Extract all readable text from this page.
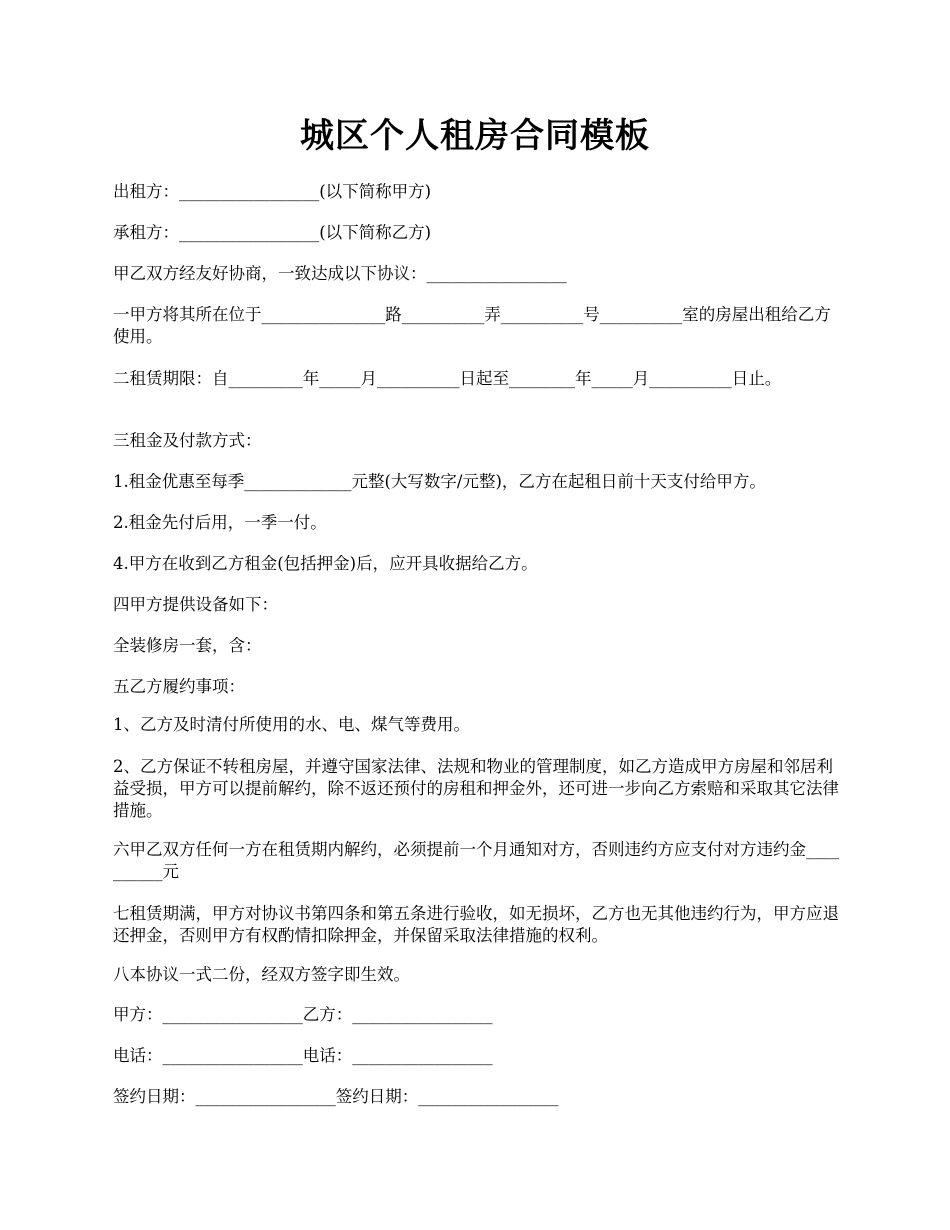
城区个人租房合同模板

出租方：_________________(以下简称甲方)

承租方：_________________(以下简称乙方)

甲乙双方经友好协商，一致达成以下协议：_________________

一甲方将其所在位于_______________路__________弄__________号__________室的房屋出租给乙方使用。

二租赁期限：自_________年_____月__________日起至________年_____月__________日止。

三租金及付款方式：

1.租金优惠至每季_____________元整(大写数字/元整)，乙方在起租日前十天支付给甲方。

2.租金先付后用，一季一付。

4.甲方在收到乙方租金(包括押金)后，应开具收据给乙方。

四甲方提供设备如下：

全装修房一套，含：

五乙方履约事项：

1、乙方及时清付所使用的水、电、煤气等费用。

2、乙方保证不转租房屋，并遵守国家法律、法规和物业的管理制度，如乙方造成甲方房屋和邻居利益受损，甲方可以提前解约，除不返还预付的房租和押金外，还可进一步向乙方索赔和采取其它法律措施。

六甲乙双方任何一方在租赁期内解约，必须提前一个月通知对方，否则违约方应支付对方违约金__________元

七租赁期满，甲方对协议书第四条和第五条进行验收，如无损坏，乙方也无其他违约行为，甲方应退还押金，否则甲方有权酌情扣除押金，并保留采取法律措施的权利。

八本协议一式二份，经双方签字即生效。

甲方：_________________乙方：_________________

电话：_________________电话：_________________

签约日期：_________________签约日期：_________________
